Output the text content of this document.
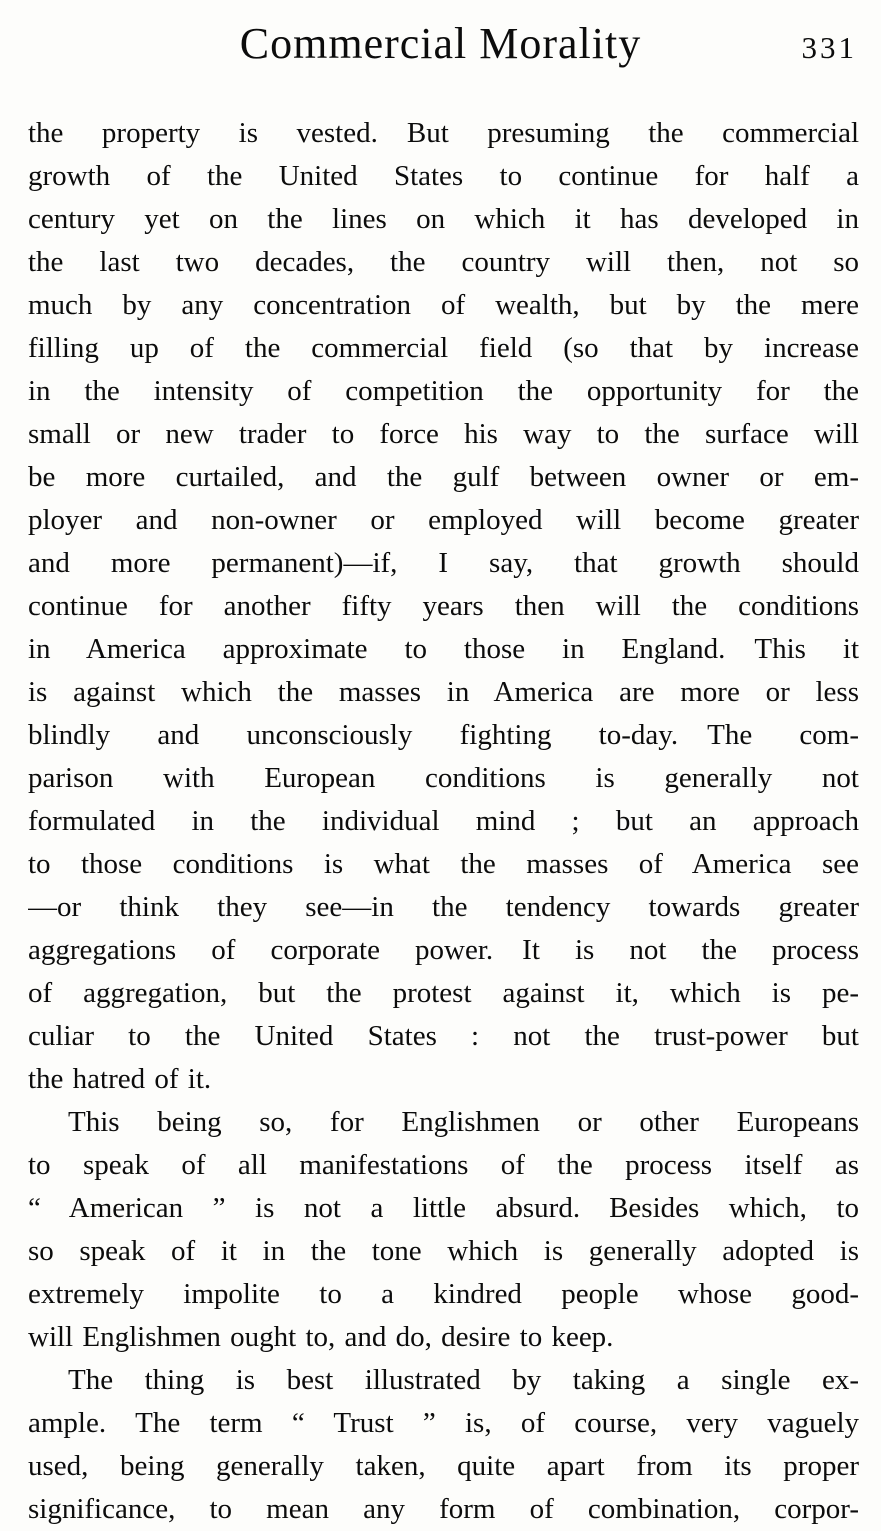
Commercial Morality	331
the property is vested. But presuming the commercial
growth of the United States to continue for half a
century yet on the lines on which it has developed in
the last two decades, the country will then, not so
much by any concentration of wealth, but by the mere
filling up of the commercial field (so that by increase
in the intensity of competition the opportunity for the
small or new trader to force his way to the surface will
be more curtailed, and the gulf between owner or em-
ployer and non-owner or employed will become greater
and more permanent)—if, I say, that growth should
continue for another fifty years then will the conditions
in America approximate to those in England. This it
is against which the masses in America are more or less
blindly and unconsciously fighting to-day. The com-
parison with European conditions is generally not
formulated in the individual mind ; but an approach
to those conditions is what the masses of America see
—or think they see—in the tendency towards greater
aggregations of corporate power. It is not the process
of aggregation, but the protest against it, which is pe-
culiar to the United States : not the trust-power but
the hatred of it.
This being so, for Englishmen or other Europeans
to speak of all manifestations of the process itself as
“ American ” is not a little absurd. Besides which, to
so speak of it in the tone which is generally adopted is
extremely impolite to a kindred people whose good-
will Englishmen ought to, and do, desire to keep.
The thing is best illustrated by taking a single ex-
ample. The term “ Trust ” is, of course, very vaguely
used, being generally taken, quite apart from its proper
significance, to mean any form of combination, corpor-
